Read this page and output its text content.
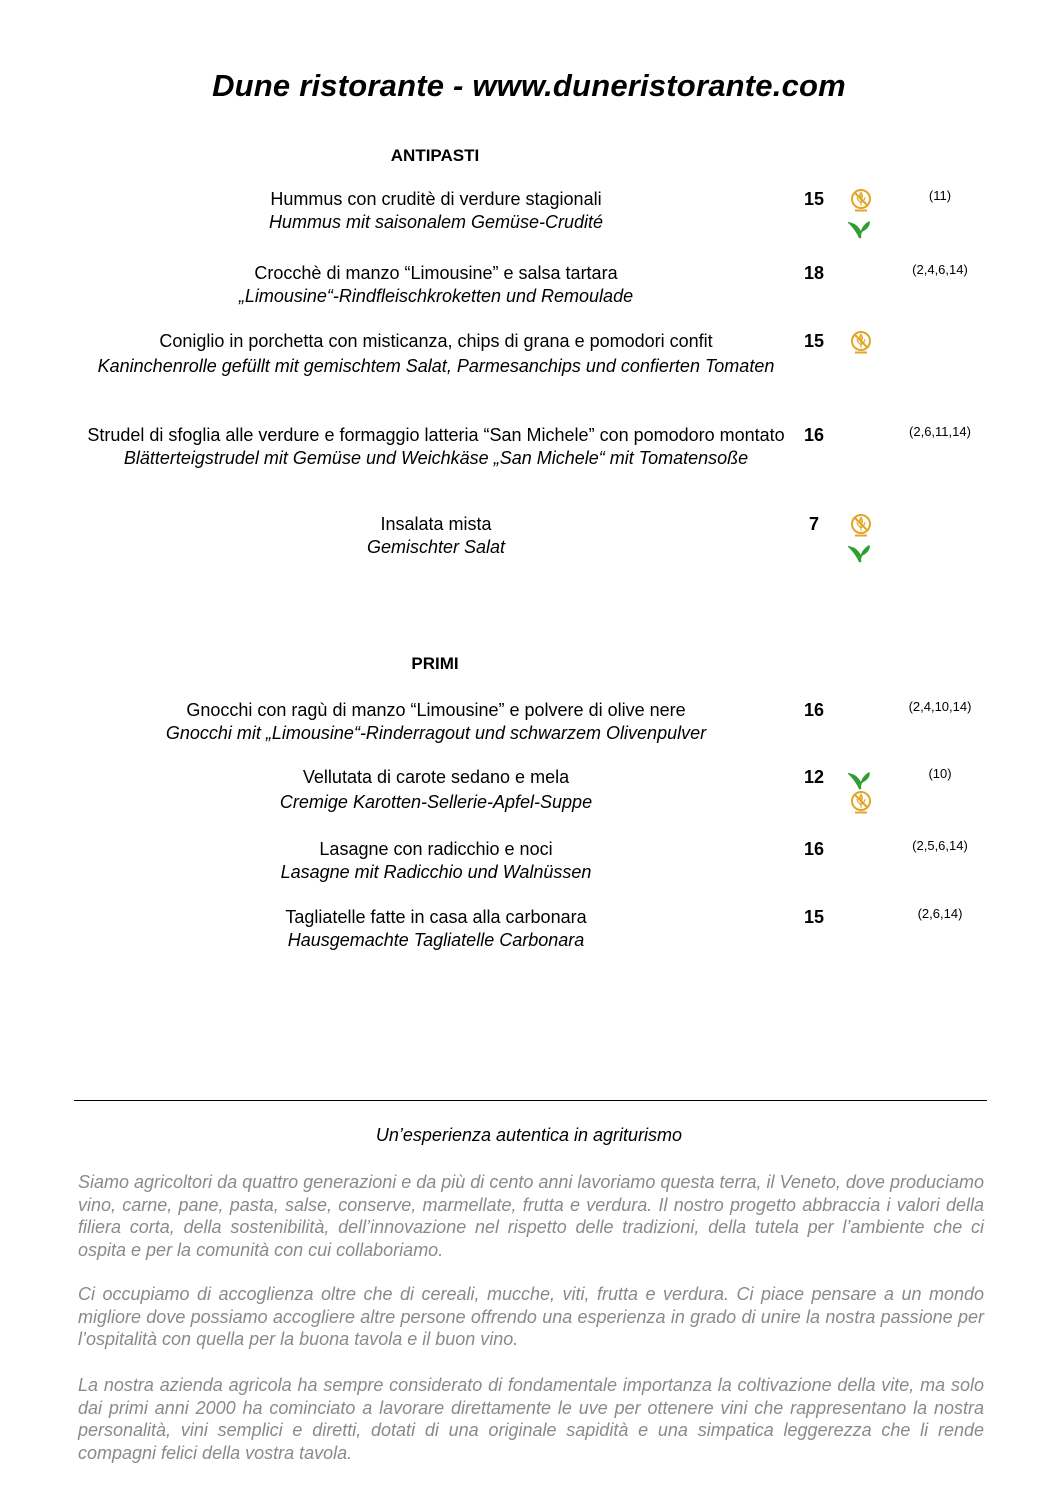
Dune ristorante - www.duneristorante.com
ANTIPASTI
Hummus con cruditè di verdure stagionali
Hummus mit saisonalem Gemüse-Crudité
15	(11)
Crocchè di manzo “Limousine” e salsa tartara
„Limousine“-Rindfleischkroketten und Remoulade
18	(2,4,6,14)
Coniglio in porchetta con misticanza, chips di grana e pomodori confit
Kaninchenrolle gefüllt mit gemischtem Salat, Parmesanchips und confierten Tomaten
15
Strudel di sfoglia alle verdure e formaggio latteria “San Michele” con pomodoro montato
Blätterteigstrudel mit Gemüse und Weichkäse „San Michele“ mit Tomatensoße
16	(2,6,11,14)
Insalata mista
Gemischter Salat
7
PRIMI
Gnocchi con ragù di manzo “Limousine” e polvere di olive nere
Gnocchi mit „Limousine“-Rinderragout und schwarzem Olivenpulver
16	(2,4,10,14)
Vellutata di carote sedano e mela
Cremige Karotten-Sellerie-Apfel-Suppe
12	(10)
Lasagne con radicchio e noci
Lasagne mit Radicchio und Walnüssen
16	(2,5,6,14)
Tagliatelle fatte in casa alla carbonara
Hausgemachte Tagliatelle Carbonara
15	(2,6,14)
Un’esperienza autentica in agriturismo

Siamo agricoltori da quattro generazioni e da più di cento anni lavoriamo questa terra, il Veneto, dove produciamo vino, carne, pane, pasta, salse, conserve, marmellate, frutta e verdura. Il nostro progetto abbraccia i valori della filiera corta, della sostenibilità, dell’innovazione nel rispetto delle tradizioni, della tutela per l’ambiente che ci ospita e per la comunità con cui collaboriamo.

Ci occupiamo di accoglienza oltre che di cereali, mucche, viti, frutta e verdura. Ci piace pensare a un mondo migliore dove possiamo accogliere altre persone offrendo una esperienza in grado di unire la nostra passione per l’ospitalità con quella per la buona tavola e il buon vino.

La nostra azienda agricola ha sempre considerato di fondamentale importanza la coltivazione della vite, ma solo dai primi anni 2000 ha cominciato a lavorare direttamente le uve per ottenere vini che rappresentano la nostra personalità, vini semplici e diretti, dotati di una originale sapidità e una simpatica leggerezza che li rende compagni felici della vostra tavola.
